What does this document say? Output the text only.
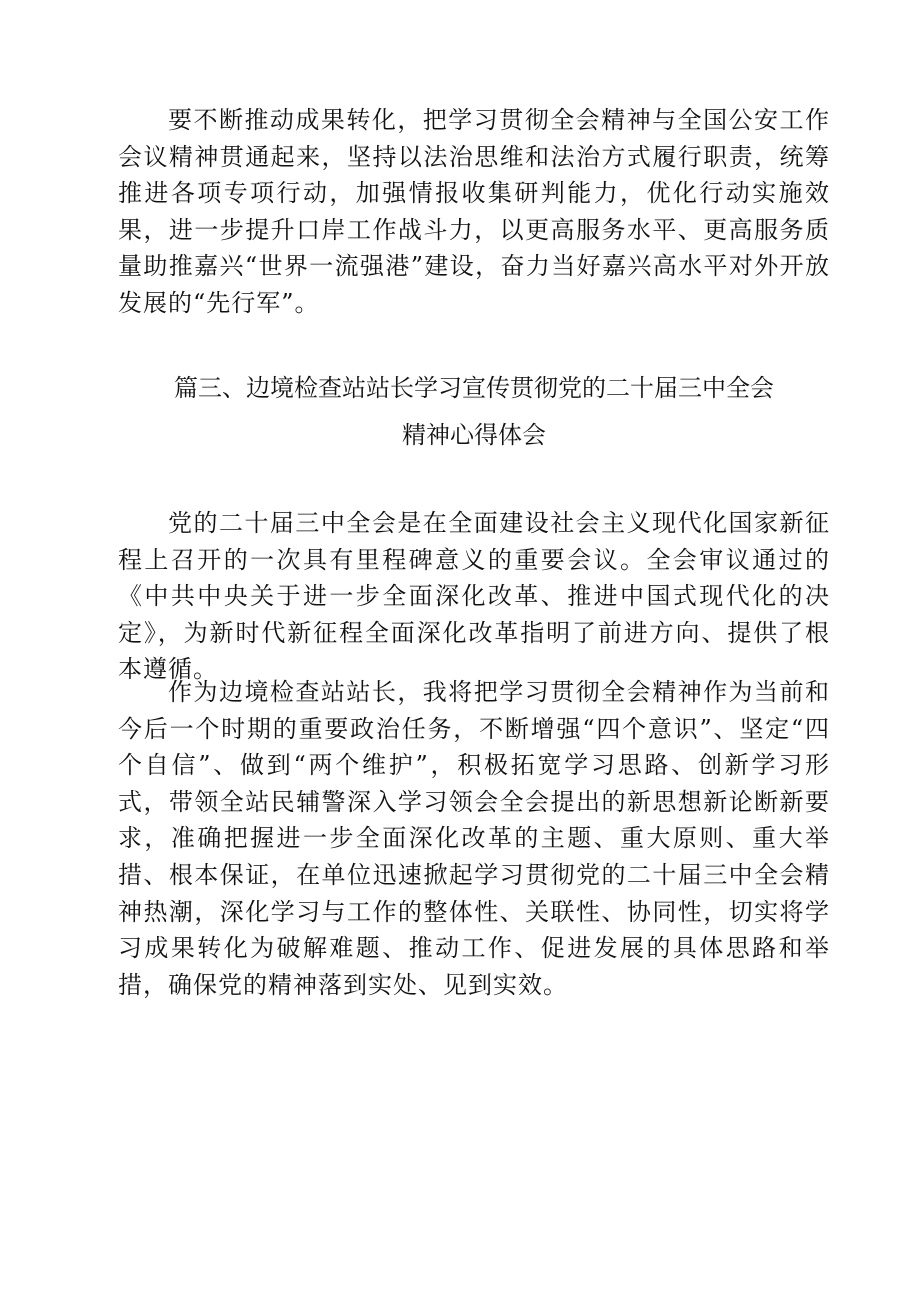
要不断推动成果转化，把学习贯彻全会精神与全国公安工作会议精神贯通起来，坚持以法治思维和法治方式履行职责，统筹推进各项专项行动，加强情报收集研判能力，优化行动实施效果，进一步提升口岸工作战斗力，以更高服务水平、更高服务质量助推嘉兴“世界一流强港”建设，奋力当好嘉兴高水平对外开放发展的“先行军”。

篇三、边境检查站站长学习宣传贯彻党的二十届三中全会
精神心得体会

党的二十届三中全会是在全面建设社会主义现代化国家新征程上召开的一次具有里程碑意义的重要会议。全会审议通过的《中共中央关于进一步全面深化改革、推进中国式现代化的决定》，为新时代新征程全面深化改革指明了前进方向、提供了根本遵循。

作为边境检查站站长，我将把学习贯彻全会精神作为当前和今后一个时期的重要政治任务，不断增强“四个意识”、坚定“四个自信”、做到“两个维护”，积极拓宽学习思路、创新学习形式，带领全站民辅警深入学习领会全会提出的新思想新论断新要求，准确把握进一步全面深化改革的主题、重大原则、重大举措、根本保证，在单位迅速掀起学习贯彻党的二十届三中全会精神热潮，深化学习与工作的整体性、关联性、协同性，切实将学习成果转化为破解难题、推动工作、促进发展的具体思路和举措，确保党的精神落到实处、见到实效。
